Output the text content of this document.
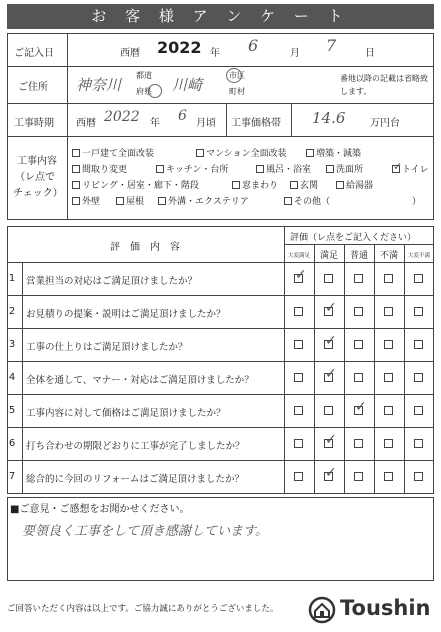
お 客 様 ア ン ケ ー ト
ご記入日	西暦 2022 年 6	月 7	日
ご住所 神奈川
都道
府県 川崎
市区
町村
番地以降の記載は省略致します。
工事時期 西暦 2022 年 6 月頃 工事価格帯 14.6 万円台
工事内容
（レ点で
チェック）
一戸建て全面改装	マンション全面改装	増築・減築
間取り変更	キッチン・台所	風呂・浴室	洗面所
✓	トイレ
リビング・居室・廊下・階段	窓まわり	玄関	給湯器
外壁	屋根	外溝・エクステリア	その他（	）
評　価　内　容
評価（レ点をご記入ください）
大変満足	満足	普通	不満	大変不満
1 営業担当の対応はご満足頂けましたか？
✓
2 お見積りの提案・説明はご満足頂けましたか？
✓
3 工事の仕上りはご満足頂けましたか？
✓
4 全体を通して、マナー・対応はご満足頂けましたか？
✓
5 工事内容に対して価格はご満足頂けましたか？
✓
6 打ち合わせの期限どおりに工事が完了しましたか？
✓
7 総合的に今回のリフォームはご満足頂けましたか？
✓
■ご意見・ご感想をお聞かせください。
要領良く工事をして頂き感謝しています。
ご回答いただく内容は以上です。ご協力誠にありがとうございました。	Toushin
